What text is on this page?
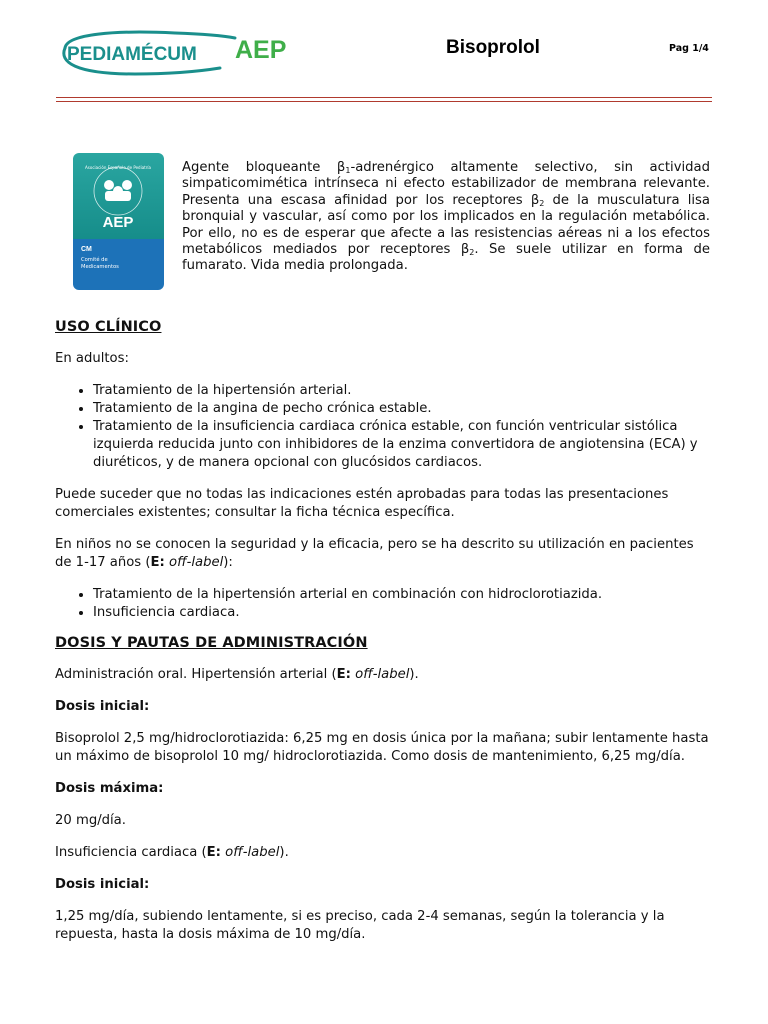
PEDIAMÉCUM AEP	Bisoprolol	Pag 1/4
Asociación Española de Pediatría
AEP
CM
Comité de
Medicamentos

Agente bloqueante $\beta_1$-adrenérgico altamente selectivo, sin actividad simpaticomimética intrínseca ni efecto estabilizador de membrana relevante. Presenta una escasa afinidad por los receptores $\beta_2$ de la musculatura lisa bronquial y vascular, así como por los implicados en la regulación metabólica. Por ello, no es de esperar que afecte a las resistencias aéreas ni a los efectos metabólicos mediados por receptores $\beta_2$. Se suele utilizar en forma de fumarato. Vida media prolongada.

USO CLÍNICO

En adultos:

• Tratamiento de la hipertensión arterial.
• Tratamiento de la angina de pecho crónica estable.
• Tratamiento de la insuficiencia cardiaca crónica estable, con función ventricular sistólica izquierda reducida junto con inhibidores de la enzima convertidora de angiotensina (ECA) y diuréticos, y de manera opcional con glucósidos cardiacos.

Puede suceder que no todas las indicaciones estén aprobadas para todas las presentaciones comerciales existentes; consultar la ficha técnica específica.

En niños no se conocen la seguridad y la eficacia, pero se ha descrito su utilización en pacientes de 1-17 años (E: off-label):

• Tratamiento de la hipertensión arterial en combinación con hidroclorotiazida.
• Insuficiencia cardiaca.
DOSIS Y PAUTAS DE ADMINISTRACIÓN

Administración oral. Hipertensión arterial (E: off-label).

Dosis inicial:

Bisoprolol 2,5 mg/hidroclorotiazida: 6,25 mg en dosis única por la mañana; subir lentamente hasta un máximo de bisoprolol 10 mg/ hidroclorotiazida. Como dosis de mantenimiento, 6,25 mg/día.

Dosis máxima:

20 mg/día.

Insuficiencia cardiaca (E: off-label).

Dosis inicial:

1,25 mg/día, subiendo lentamente, si es preciso, cada 2-4 semanas, según la tolerancia y la repuesta, hasta la dosis máxima de 10 mg/día.
